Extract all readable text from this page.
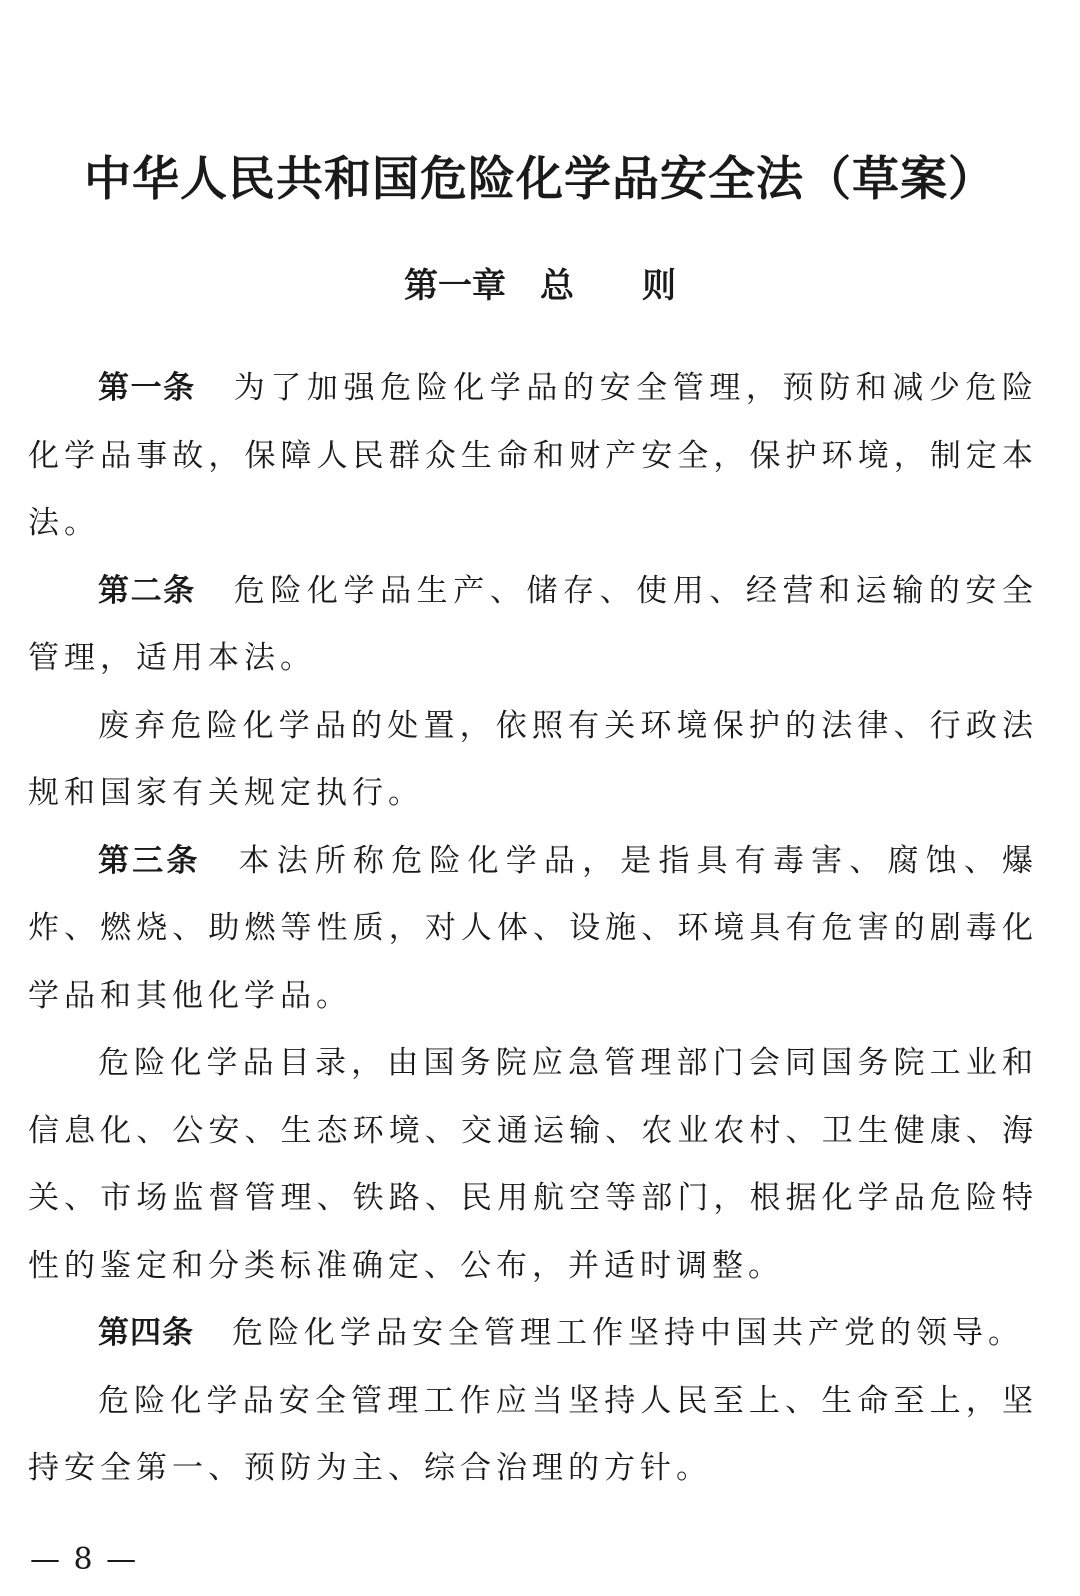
中华人民共和国危险化学品安全法（草案）
第一章 总 则

第一条 为了加强危险化学品的安全管理，预防和减少危险化学品事故，保障人民群众生命和财产安全，保护环境，制定本法。

第二条 危险化学品生产、储存、使用、经营和运输的安全管理，适用本法。

废弃危险化学品的处置，依照有关环境保护的法律、行政法规和国家有关规定执行。

第三条 本法所称危险化学品，是指具有毒害、腐蚀、爆炸、燃烧、助燃等性质，对人体、设施、环境具有危害的剧毒化学品和其他化学品。

危险化学品目录，由国务院应急管理部门会同国务院工业和信息化、公安、生态环境、交通运输、农业农村、卫生健康、海关、市场监督管理、铁路、民用航空等部门，根据化学品危险特性的鉴定和分类标准确定、公布，并适时调整。

第四条 危险化学品安全管理工作坚持中国共产党的领导。

危险化学品安全管理工作应当坚持人民至上、生命至上，坚持安全第一、预防为主、综合治理的方针。

— 8 —
